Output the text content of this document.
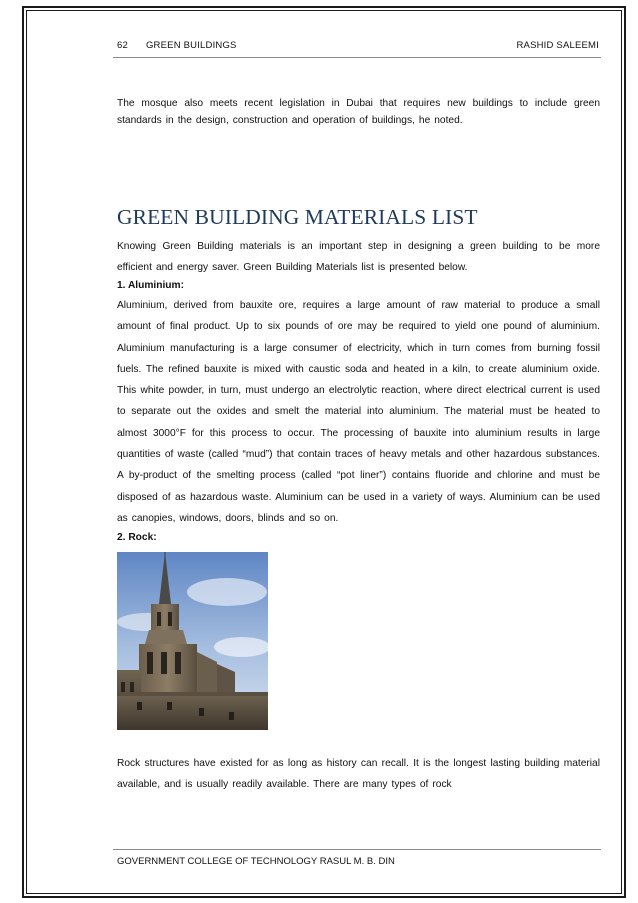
62 GREEN BUILDINGS	RASHID SALEEMI
The mosque also meets recent legislation in Dubai that requires new buildings to include green standards in the design, construction and operation of buildings, he noted.
GREEN BUILDING MATERIALS LIST
Knowing Green Building materials is an important step in designing a green building to be more efficient and energy saver. Green Building Materials list is presented below.
1. Aluminium:
Aluminium, derived from bauxite ore, requires a large amount of raw material to produce a small amount of final product. Up to six pounds of ore may be required to yield one pound of aluminium. Aluminium manufacturing is a large consumer of electricity, which in turn comes from burning fossil fuels. The refined bauxite is mixed with caustic soda and heated in a kiln, to create aluminium oxide. This white powder, in turn, must undergo an electrolytic reaction, where direct electrical current is used to separate out the oxides and smelt the material into aluminium. The material must be heated to almost 3000°F for this process to occur. The processing of bauxite into aluminium results in large quantities of waste (called “mud”) that contain traces of heavy metals and other hazardous substances. A by-product of the smelting process (called “pot liner”) contains fluoride and chlorine and must be disposed of as hazardous waste. Aluminium can be used in a variety of ways. Aluminium can be used as canopies, windows, doors, blinds and so on.
2. Rock:
Rock structures have existed for as long as history can recall. It is the longest lasting building material available, and is usually readily available. There are many types of rock
GOVERNMENT COLLEGE OF TECHNOLOGY RASUL M. B. DIN
